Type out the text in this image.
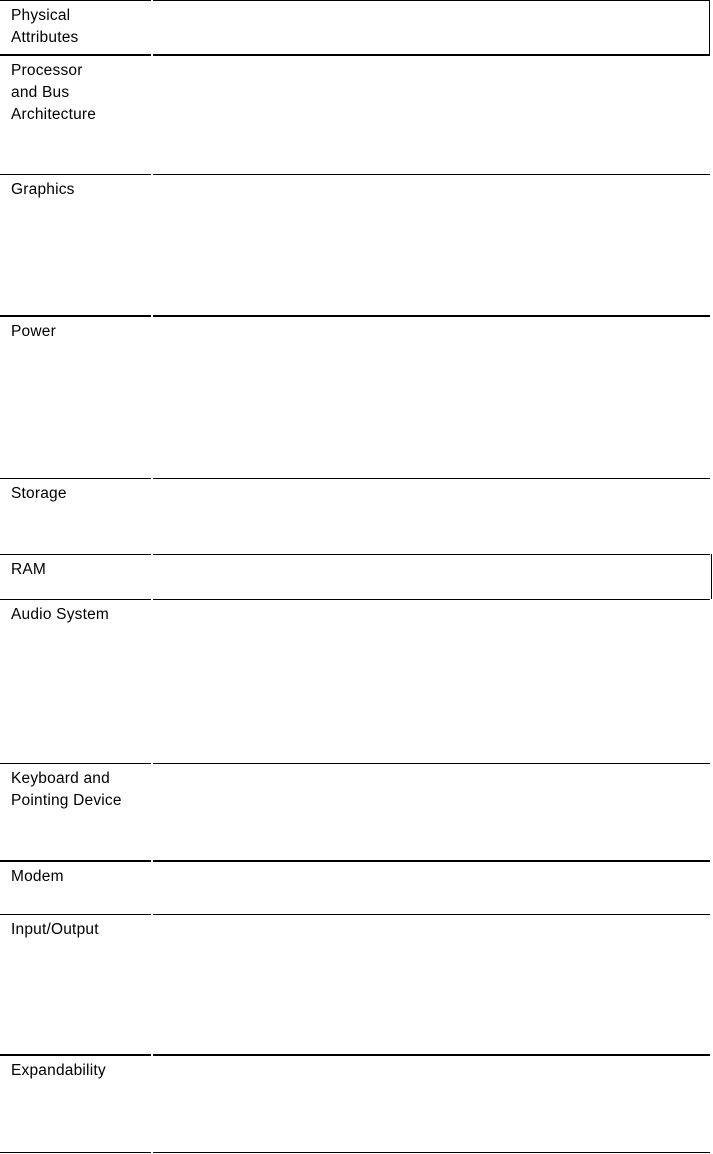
Physical
Attributes
Processor
and Bus
Architecture
Graphics
Power
Storage
RAM
Audio System
Keyboard and
Pointing Device
Modem
Input/Output
Expandability
